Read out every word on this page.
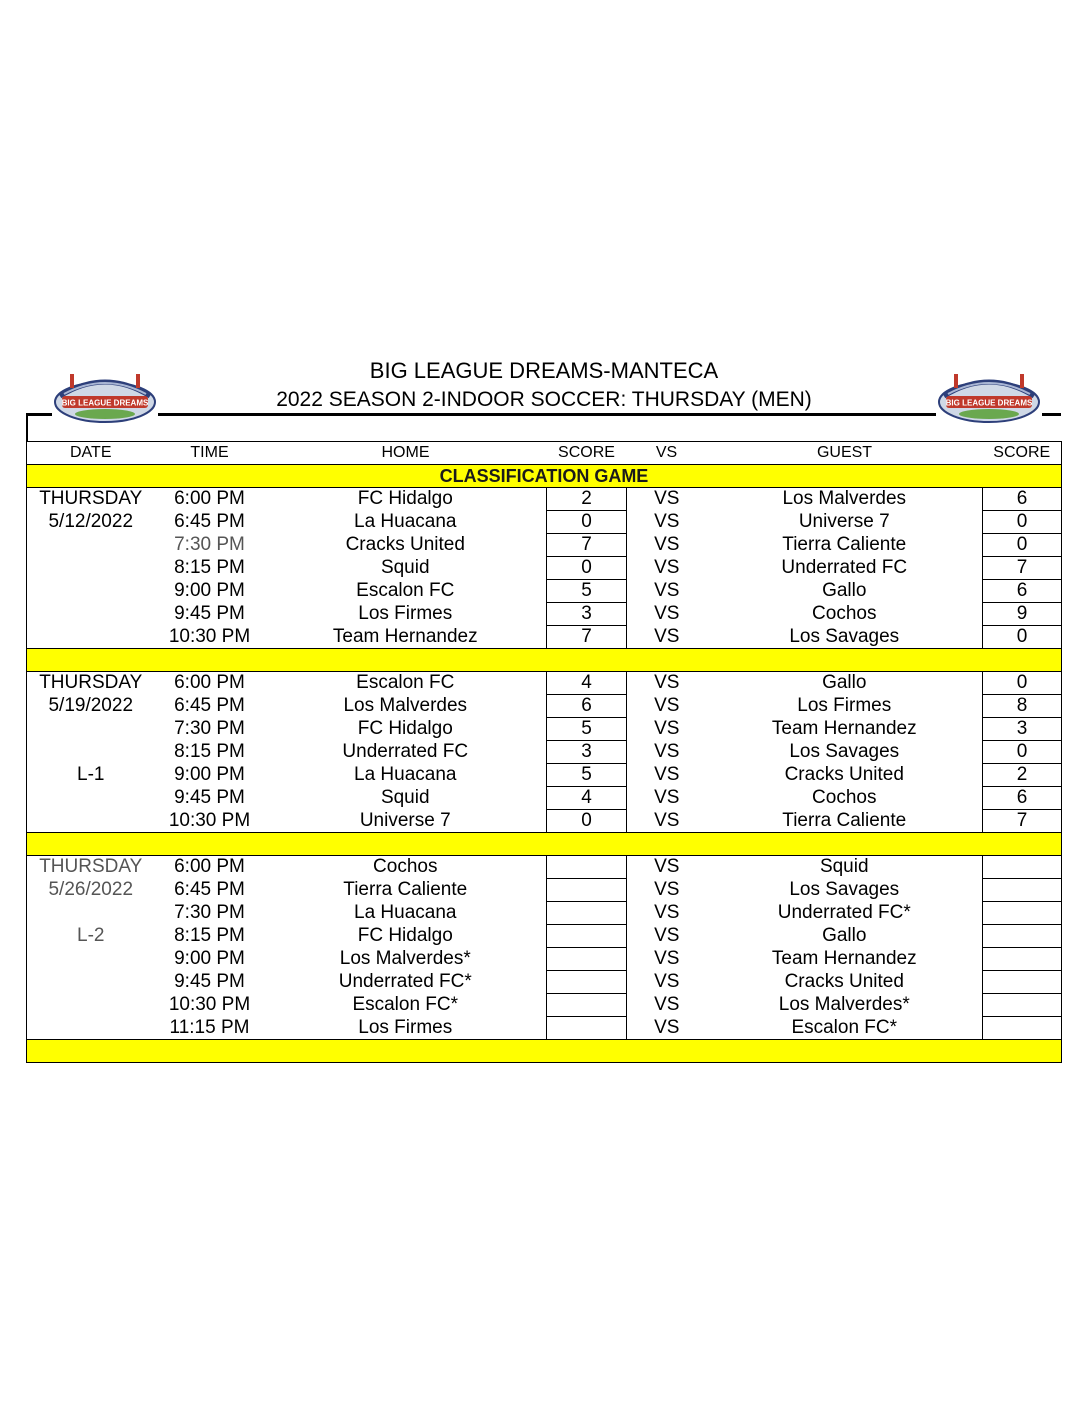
BIG LEAGUE DREAMS	BIG LEAGUE DREAMS
BIG LEAGUE DREAMS-MANTECA
2022 SEASON 2-INDOOR SOCCER: THURSDAY (MEN)
DATE	TIME	HOME	SCORE	VS	GUEST	SCORE
CLASSIFICATION GAME						
THURSDAY	6:00 PM	FC Hidalgo	2	VS	Los Malverdes	6
5/12/2022	6:45 PM	La Huacana	0	VS	Universe 7	0
	7:30 PM	Cracks United	7	VS	Tierra Caliente	0
	8:15 PM	Squid	0	VS	Underrated FC	7
	9:00 PM	Escalon FC	5	VS	Gallo	6
	9:45 PM	Los Firmes	3	VS	Cochos	9
	10:30 PM	Team Hernandez	7	VS	Los Savages	0

THURSDAY	6:00 PM	Escalon FC	4	VS	Gallo	0
5/19/2022	6:45 PM	Los Malverdes	6	VS	Los Firmes	8
	7:30 PM	FC Hidalgo	5	VS	Team Hernandez	3
	8:15 PM	Underrated FC	3	VS	Los Savages	0
L-1	9:00 PM	La Huacana	5	VS	Cracks United	2
	9:45 PM	Squid	4	VS	Cochos	6
	10:30 PM	Universe 7	0	VS	Tierra Caliente	7

THURSDAY	6:00 PM	Cochos		VS	Squid	
5/26/2022	6:45 PM	Tierra Caliente		VS	Los Savages	
	7:30 PM	La Huacana		VS	Underrated FC*	
L-2	8:15 PM	FC Hidalgo		VS	Gallo	
	9:00 PM	Los Malverdes*		VS	Team Hernandez	
	9:45 PM	Underrated FC*		VS	Cracks United	
	10:30 PM	Escalon FC*		VS	Los Malverdes*	
	11:15 PM	Los Firmes		VS	Escalon FC*	
